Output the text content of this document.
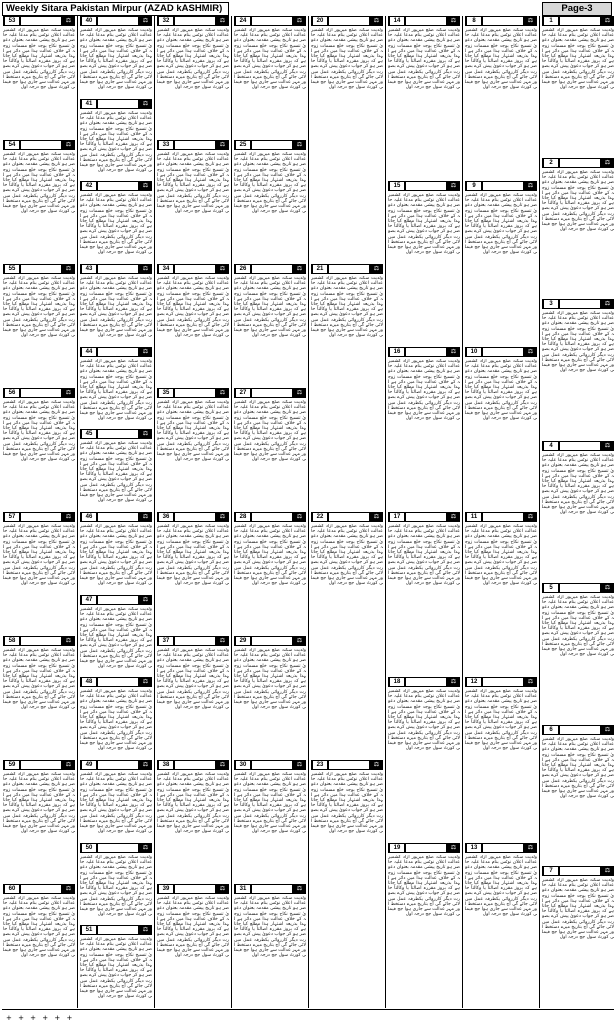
Weekly Sitara Pakistan Mirpur (AZAD kASHMIR)	Page-3
53	⚖
ولدیت سکنہ ضلع میرپور آزاد کشمیر عدالت اعلان نوٹس بنام مدعا علیہ حاضر ہو تاریخ پیشی مقدمہ بعنوان دعویٰ تنسیخ نکاح بوجہ خلع مسمات زوجہ کے خلاف عدالت ہذا میں دائر ہے لہذا بذریعہ اشتہار ہذا مطلع کیا جاتا ہے کہ بروز مقررہ اصالتاً یا وکالتاً حاضر ہو کر جواب دعویٰ پیش کرے بصورت دیگر کارروائی یکطرفہ عمل میں لائی جائے گی آج بتاریخ میرے دستخط اور مہر عدالت سے جاری ہوا جج فیملی کورٹ سول جج درجہ اول
54	⚖
ولدیت سکنہ ضلع میرپور آزاد کشمیر عدالت اعلان نوٹس بنام مدعا علیہ حاضر ہو تاریخ پیشی مقدمہ بعنوان دعویٰ تنسیخ نکاح بوجہ خلع مسمات زوجہ کے خلاف عدالت ہذا میں دائر ہے لہذا بذریعہ اشتہار ہذا مطلع کیا جاتا ہے کہ بروز مقررہ اصالتاً یا وکالتاً حاضر ہو کر جواب دعویٰ پیش کرے بصورت دیگر کارروائی یکطرفہ عمل میں لائی جائے گی آج بتاریخ میرے دستخط اور مہر عدالت سے جاری ہوا جج فیملی کورٹ سول جج درجہ اول
55	⚖
ولدیت سکنہ ضلع میرپور آزاد کشمیر عدالت اعلان نوٹس بنام مدعا علیہ حاضر ہو تاریخ پیشی مقدمہ بعنوان دعویٰ تنسیخ نکاح بوجہ خلع مسمات زوجہ کے خلاف عدالت ہذا میں دائر ہے لہذا بذریعہ اشتہار ہذا مطلع کیا جاتا ہے کہ بروز مقررہ اصالتاً یا وکالتاً حاضر ہو کر جواب دعویٰ پیش کرے بصورت دیگر کارروائی یکطرفہ عمل میں لائی جائے گی آج بتاریخ میرے دستخط اور مہر عدالت سے جاری ہوا جج فیملی کورٹ سول جج درجہ اول
56	⚖
ولدیت سکنہ ضلع میرپور آزاد کشمیر عدالت اعلان نوٹس بنام مدعا علیہ حاضر ہو تاریخ پیشی مقدمہ بعنوان دعویٰ تنسیخ نکاح بوجہ خلع مسمات زوجہ کے خلاف عدالت ہذا میں دائر ہے لہذا بذریعہ اشتہار ہذا مطلع کیا جاتا ہے کہ بروز مقررہ اصالتاً یا وکالتاً حاضر ہو کر جواب دعویٰ پیش کرے بصورت دیگر کارروائی یکطرفہ عمل میں لائی جائے گی آج بتاریخ میرے دستخط اور مہر عدالت سے جاری ہوا جج فیملی کورٹ سول جج درجہ اول
57	⚖
ولدیت سکنہ ضلع میرپور آزاد کشمیر عدالت اعلان نوٹس بنام مدعا علیہ حاضر ہو تاریخ پیشی مقدمہ بعنوان دعویٰ تنسیخ نکاح بوجہ خلع مسمات زوجہ کے خلاف عدالت ہذا میں دائر ہے لہذا بذریعہ اشتہار ہذا مطلع کیا جاتا ہے کہ بروز مقررہ اصالتاً یا وکالتاً حاضر ہو کر جواب دعویٰ پیش کرے بصورت دیگر کارروائی یکطرفہ عمل میں لائی جائے گی آج بتاریخ میرے دستخط اور مہر عدالت سے جاری ہوا جج فیملی کورٹ سول جج درجہ اول
58	⚖
ولدیت سکنہ ضلع میرپور آزاد کشمیر عدالت اعلان نوٹس بنام مدعا علیہ حاضر ہو تاریخ پیشی مقدمہ بعنوان دعویٰ تنسیخ نکاح بوجہ خلع مسمات زوجہ کے خلاف عدالت ہذا میں دائر ہے لہذا بذریعہ اشتہار ہذا مطلع کیا جاتا ہے کہ بروز مقررہ اصالتاً یا وکالتاً حاضر ہو کر جواب دعویٰ پیش کرے بصورت دیگر کارروائی یکطرفہ عمل میں لائی جائے گی آج بتاریخ میرے دستخط اور مہر عدالت سے جاری ہوا جج فیملی کورٹ سول جج درجہ اول
59	⚖
ولدیت سکنہ ضلع میرپور آزاد کشمیر عدالت اعلان نوٹس بنام مدعا علیہ حاضر ہو تاریخ پیشی مقدمہ بعنوان دعویٰ تنسیخ نکاح بوجہ خلع مسمات زوجہ کے خلاف عدالت ہذا میں دائر ہے لہذا بذریعہ اشتہار ہذا مطلع کیا جاتا ہے کہ بروز مقررہ اصالتاً یا وکالتاً حاضر ہو کر جواب دعویٰ پیش کرے بصورت دیگر کارروائی یکطرفہ عمل میں لائی جائے گی آج بتاریخ میرے دستخط اور مہر عدالت سے جاری ہوا جج فیملی کورٹ سول جج درجہ اول
60	⚖
ولدیت سکنہ ضلع میرپور آزاد کشمیر عدالت اعلان نوٹس بنام مدعا علیہ حاضر ہو تاریخ پیشی مقدمہ بعنوان دعویٰ تنسیخ نکاح بوجہ خلع مسمات زوجہ کے خلاف عدالت ہذا میں دائر ہے لہذا بذریعہ اشتہار ہذا مطلع کیا جاتا ہے کہ بروز مقررہ اصالتاً یا وکالتاً حاضر ہو کر جواب دعویٰ پیش کرے بصورت دیگر کارروائی یکطرفہ عمل میں لائی جائے گی آج بتاریخ میرے دستخط اور مہر عدالت سے جاری ہوا جج فیملی کورٹ سول جج درجہ اول
40	⚖
ولدیت سکنہ ضلع میرپور آزاد کشمیر عدالت اعلان نوٹس بنام مدعا علیہ حاضر ہو تاریخ پیشی مقدمہ بعنوان دعویٰ تنسیخ نکاح بوجہ خلع مسمات زوجہ کے خلاف عدالت ہذا میں دائر ہے لہذا بذریعہ اشتہار ہذا مطلع کیا جاتا ہے کہ بروز مقررہ اصالتاً یا وکالتاً حاضر ہو کر جواب دعویٰ پیش کرے بصورت دیگر کارروائی یکطرفہ عمل میں لائی جائے گی آج بتاریخ میرے دستخط اور مہر عدالت سے جاری ہوا جج فیملی کورٹ سول جج درجہ اول
41	⚖
ولدیت سکنہ ضلع میرپور آزاد کشمیر عدالت اعلان نوٹس بنام مدعا علیہ حاضر ہو تاریخ پیشی مقدمہ بعنوان دعویٰ تنسیخ نکاح بوجہ خلع مسمات زوجہ کے خلاف عدالت ہذا میں دائر ہے لہذا بذریعہ اشتہار ہذا مطلع کیا جاتا ہے کہ بروز مقررہ اصالتاً یا وکالتاً حاضر ہو کر جواب دعویٰ پیش کرے بصورت دیگر کارروائی یکطرفہ عمل میں لائی جائے گی آج بتاریخ میرے دستخط اور مہر عدالت سے جاری ہوا جج فیملی کورٹ سول جج درجہ اول
42	⚖
ولدیت سکنہ ضلع میرپور آزاد کشمیر عدالت اعلان نوٹس بنام مدعا علیہ حاضر ہو تاریخ پیشی مقدمہ بعنوان دعویٰ تنسیخ نکاح بوجہ خلع مسمات زوجہ کے خلاف عدالت ہذا میں دائر ہے لہذا بذریعہ اشتہار ہذا مطلع کیا جاتا ہے کہ بروز مقررہ اصالتاً یا وکالتاً حاضر ہو کر جواب دعویٰ پیش کرے بصورت دیگر کارروائی یکطرفہ عمل میں لائی جائے گی آج بتاریخ میرے دستخط اور مہر عدالت سے جاری ہوا جج فیملی کورٹ سول جج درجہ اول
43	⚖
ولدیت سکنہ ضلع میرپور آزاد کشمیر عدالت اعلان نوٹس بنام مدعا علیہ حاضر ہو تاریخ پیشی مقدمہ بعنوان دعویٰ تنسیخ نکاح بوجہ خلع مسمات زوجہ کے خلاف عدالت ہذا میں دائر ہے لہذا بذریعہ اشتہار ہذا مطلع کیا جاتا ہے کہ بروز مقررہ اصالتاً یا وکالتاً حاضر ہو کر جواب دعویٰ پیش کرے بصورت دیگر کارروائی یکطرفہ عمل میں لائی جائے گی آج بتاریخ میرے دستخط اور مہر عدالت سے جاری ہوا جج فیملی کورٹ سول جج درجہ اول
44	⚖
ولدیت سکنہ ضلع میرپور آزاد کشمیر عدالت اعلان نوٹس بنام مدعا علیہ حاضر ہو تاریخ پیشی مقدمہ بعنوان دعویٰ تنسیخ نکاح بوجہ خلع مسمات زوجہ کے خلاف عدالت ہذا میں دائر ہے لہذا بذریعہ اشتہار ہذا مطلع کیا جاتا ہے کہ بروز مقررہ اصالتاً یا وکالتاً حاضر ہو کر جواب دعویٰ پیش کرے بصورت دیگر کارروائی یکطرفہ عمل میں لائی جائے گی آج بتاریخ میرے دستخط اور مہر عدالت سے جاری ہوا جج فیملی کورٹ سول جج درجہ اول
45	⚖
ولدیت سکنہ ضلع میرپور آزاد کشمیر عدالت اعلان نوٹس بنام مدعا علیہ حاضر ہو تاریخ پیشی مقدمہ بعنوان دعویٰ تنسیخ نکاح بوجہ خلع مسمات زوجہ کے خلاف عدالت ہذا میں دائر ہے لہذا بذریعہ اشتہار ہذا مطلع کیا جاتا ہے کہ بروز مقررہ اصالتاً یا وکالتاً حاضر ہو کر جواب دعویٰ پیش کرے بصورت دیگر کارروائی یکطرفہ عمل میں لائی جائے گی آج بتاریخ میرے دستخط اور مہر عدالت سے جاری ہوا جج فیملی کورٹ سول جج درجہ اول
46	⚖
ولدیت سکنہ ضلع میرپور آزاد کشمیر عدالت اعلان نوٹس بنام مدعا علیہ حاضر ہو تاریخ پیشی مقدمہ بعنوان دعویٰ تنسیخ نکاح بوجہ خلع مسمات زوجہ کے خلاف عدالت ہذا میں دائر ہے لہذا بذریعہ اشتہار ہذا مطلع کیا جاتا ہے کہ بروز مقررہ اصالتاً یا وکالتاً حاضر ہو کر جواب دعویٰ پیش کرے بصورت دیگر کارروائی یکطرفہ عمل میں لائی جائے گی آج بتاریخ میرے دستخط اور مہر عدالت سے جاری ہوا جج فیملی کورٹ سول جج درجہ اول
47	⚖
ولدیت سکنہ ضلع میرپور آزاد کشمیر عدالت اعلان نوٹس بنام مدعا علیہ حاضر ہو تاریخ پیشی مقدمہ بعنوان دعویٰ تنسیخ نکاح بوجہ خلع مسمات زوجہ کے خلاف عدالت ہذا میں دائر ہے لہذا بذریعہ اشتہار ہذا مطلع کیا جاتا ہے کہ بروز مقررہ اصالتاً یا وکالتاً حاضر ہو کر جواب دعویٰ پیش کرے بصورت دیگر کارروائی یکطرفہ عمل میں لائی جائے گی آج بتاریخ میرے دستخط اور مہر عدالت سے جاری ہوا جج فیملی کورٹ سول جج درجہ اول
48	⚖
ولدیت سکنہ ضلع میرپور آزاد کشمیر عدالت اعلان نوٹس بنام مدعا علیہ حاضر ہو تاریخ پیشی مقدمہ بعنوان دعویٰ تنسیخ نکاح بوجہ خلع مسمات زوجہ کے خلاف عدالت ہذا میں دائر ہے لہذا بذریعہ اشتہار ہذا مطلع کیا جاتا ہے کہ بروز مقررہ اصالتاً یا وکالتاً حاضر ہو کر جواب دعویٰ پیش کرے بصورت دیگر کارروائی یکطرفہ عمل میں لائی جائے گی آج بتاریخ میرے دستخط اور مہر عدالت سے جاری ہوا جج فیملی کورٹ سول جج درجہ اول
49	⚖
ولدیت سکنہ ضلع میرپور آزاد کشمیر عدالت اعلان نوٹس بنام مدعا علیہ حاضر ہو تاریخ پیشی مقدمہ بعنوان دعویٰ تنسیخ نکاح بوجہ خلع مسمات زوجہ کے خلاف عدالت ہذا میں دائر ہے لہذا بذریعہ اشتہار ہذا مطلع کیا جاتا ہے کہ بروز مقررہ اصالتاً یا وکالتاً حاضر ہو کر جواب دعویٰ پیش کرے بصورت دیگر کارروائی یکطرفہ عمل میں لائی جائے گی آج بتاریخ میرے دستخط اور مہر عدالت سے جاری ہوا جج فیملی کورٹ سول جج درجہ اول
50	⚖
ولدیت سکنہ ضلع میرپور آزاد کشمیر عدالت اعلان نوٹس بنام مدعا علیہ حاضر ہو تاریخ پیشی مقدمہ بعنوان دعویٰ تنسیخ نکاح بوجہ خلع مسمات زوجہ کے خلاف عدالت ہذا میں دائر ہے لہذا بذریعہ اشتہار ہذا مطلع کیا جاتا ہے کہ بروز مقررہ اصالتاً یا وکالتاً حاضر ہو کر جواب دعویٰ پیش کرے بصورت دیگر کارروائی یکطرفہ عمل میں لائی جائے گی آج بتاریخ میرے دستخط اور مہر عدالت سے جاری ہوا جج فیملی کورٹ سول جج درجہ اول
51	⚖
ولدیت سکنہ ضلع میرپور آزاد کشمیر عدالت اعلان نوٹس بنام مدعا علیہ حاضر ہو تاریخ پیشی مقدمہ بعنوان دعویٰ تنسیخ نکاح بوجہ خلع مسمات زوجہ کے خلاف عدالت ہذا میں دائر ہے لہذا بذریعہ اشتہار ہذا مطلع کیا جاتا ہے کہ بروز مقررہ اصالتاً یا وکالتاً حاضر ہو کر جواب دعویٰ پیش کرے بصورت دیگر کارروائی یکطرفہ عمل میں لائی جائے گی آج بتاریخ میرے دستخط اور مہر عدالت سے جاری ہوا جج فیملی کورٹ سول جج درجہ اول
32	⚖
ولدیت سکنہ ضلع میرپور آزاد کشمیر عدالت اعلان نوٹس بنام مدعا علیہ حاضر ہو تاریخ پیشی مقدمہ بعنوان دعویٰ تنسیخ نکاح بوجہ خلع مسمات زوجہ کے خلاف عدالت ہذا میں دائر ہے لہذا بذریعہ اشتہار ہذا مطلع کیا جاتا ہے کہ بروز مقررہ اصالتاً یا وکالتاً حاضر ہو کر جواب دعویٰ پیش کرے بصورت دیگر کارروائی یکطرفہ عمل میں لائی جائے گی آج بتاریخ میرے دستخط اور مہر عدالت سے جاری ہوا جج فیملی کورٹ سول جج درجہ اول
33	⚖
ولدیت سکنہ ضلع میرپور آزاد کشمیر عدالت اعلان نوٹس بنام مدعا علیہ حاضر ہو تاریخ پیشی مقدمہ بعنوان دعویٰ تنسیخ نکاح بوجہ خلع مسمات زوجہ کے خلاف عدالت ہذا میں دائر ہے لہذا بذریعہ اشتہار ہذا مطلع کیا جاتا ہے کہ بروز مقررہ اصالتاً یا وکالتاً حاضر ہو کر جواب دعویٰ پیش کرے بصورت دیگر کارروائی یکطرفہ عمل میں لائی جائے گی آج بتاریخ میرے دستخط اور مہر عدالت سے جاری ہوا جج فیملی کورٹ سول جج درجہ اول
34	⚖
ولدیت سکنہ ضلع میرپور آزاد کشمیر عدالت اعلان نوٹس بنام مدعا علیہ حاضر ہو تاریخ پیشی مقدمہ بعنوان دعویٰ تنسیخ نکاح بوجہ خلع مسمات زوجہ کے خلاف عدالت ہذا میں دائر ہے لہذا بذریعہ اشتہار ہذا مطلع کیا جاتا ہے کہ بروز مقررہ اصالتاً یا وکالتاً حاضر ہو کر جواب دعویٰ پیش کرے بصورت دیگر کارروائی یکطرفہ عمل میں لائی جائے گی آج بتاریخ میرے دستخط اور مہر عدالت سے جاری ہوا جج فیملی کورٹ سول جج درجہ اول
35	⚖
ولدیت سکنہ ضلع میرپور آزاد کشمیر عدالت اعلان نوٹس بنام مدعا علیہ حاضر ہو تاریخ پیشی مقدمہ بعنوان دعویٰ تنسیخ نکاح بوجہ خلع مسمات زوجہ کے خلاف عدالت ہذا میں دائر ہے لہذا بذریعہ اشتہار ہذا مطلع کیا جاتا ہے کہ بروز مقررہ اصالتاً یا وکالتاً حاضر ہو کر جواب دعویٰ پیش کرے بصورت دیگر کارروائی یکطرفہ عمل میں لائی جائے گی آج بتاریخ میرے دستخط اور مہر عدالت سے جاری ہوا جج فیملی کورٹ سول جج درجہ اول
36	⚖
ولدیت سکنہ ضلع میرپور آزاد کشمیر عدالت اعلان نوٹس بنام مدعا علیہ حاضر ہو تاریخ پیشی مقدمہ بعنوان دعویٰ تنسیخ نکاح بوجہ خلع مسمات زوجہ کے خلاف عدالت ہذا میں دائر ہے لہذا بذریعہ اشتہار ہذا مطلع کیا جاتا ہے کہ بروز مقررہ اصالتاً یا وکالتاً حاضر ہو کر جواب دعویٰ پیش کرے بصورت دیگر کارروائی یکطرفہ عمل میں لائی جائے گی آج بتاریخ میرے دستخط اور مہر عدالت سے جاری ہوا جج فیملی کورٹ سول جج درجہ اول
37	⚖
ولدیت سکنہ ضلع میرپور آزاد کشمیر عدالت اعلان نوٹس بنام مدعا علیہ حاضر ہو تاریخ پیشی مقدمہ بعنوان دعویٰ تنسیخ نکاح بوجہ خلع مسمات زوجہ کے خلاف عدالت ہذا میں دائر ہے لہذا بذریعہ اشتہار ہذا مطلع کیا جاتا ہے کہ بروز مقررہ اصالتاً یا وکالتاً حاضر ہو کر جواب دعویٰ پیش کرے بصورت دیگر کارروائی یکطرفہ عمل میں لائی جائے گی آج بتاریخ میرے دستخط اور مہر عدالت سے جاری ہوا جج فیملی کورٹ سول جج درجہ اول
38	⚖
ولدیت سکنہ ضلع میرپور آزاد کشمیر عدالت اعلان نوٹس بنام مدعا علیہ حاضر ہو تاریخ پیشی مقدمہ بعنوان دعویٰ تنسیخ نکاح بوجہ خلع مسمات زوجہ کے خلاف عدالت ہذا میں دائر ہے لہذا بذریعہ اشتہار ہذا مطلع کیا جاتا ہے کہ بروز مقررہ اصالتاً یا وکالتاً حاضر ہو کر جواب دعویٰ پیش کرے بصورت دیگر کارروائی یکطرفہ عمل میں لائی جائے گی آج بتاریخ میرے دستخط اور مہر عدالت سے جاری ہوا جج فیملی کورٹ سول جج درجہ اول
39	⚖
ولدیت سکنہ ضلع میرپور آزاد کشمیر عدالت اعلان نوٹس بنام مدعا علیہ حاضر ہو تاریخ پیشی مقدمہ بعنوان دعویٰ تنسیخ نکاح بوجہ خلع مسمات زوجہ کے خلاف عدالت ہذا میں دائر ہے لہذا بذریعہ اشتہار ہذا مطلع کیا جاتا ہے کہ بروز مقررہ اصالتاً یا وکالتاً حاضر ہو کر جواب دعویٰ پیش کرے بصورت دیگر کارروائی یکطرفہ عمل میں لائی جائے گی آج بتاریخ میرے دستخط اور مہر عدالت سے جاری ہوا جج فیملی کورٹ سول جج درجہ اول
24	⚖
ولدیت سکنہ ضلع میرپور آزاد کشمیر عدالت اعلان نوٹس بنام مدعا علیہ حاضر ہو تاریخ پیشی مقدمہ بعنوان دعویٰ تنسیخ نکاح بوجہ خلع مسمات زوجہ کے خلاف عدالت ہذا میں دائر ہے لہذا بذریعہ اشتہار ہذا مطلع کیا جاتا ہے کہ بروز مقررہ اصالتاً یا وکالتاً حاضر ہو کر جواب دعویٰ پیش کرے بصورت دیگر کارروائی یکطرفہ عمل میں لائی جائے گی آج بتاریخ میرے دستخط اور مہر عدالت سے جاری ہوا جج فیملی کورٹ سول جج درجہ اول
25	⚖
ولدیت سکنہ ضلع میرپور آزاد کشمیر عدالت اعلان نوٹس بنام مدعا علیہ حاضر ہو تاریخ پیشی مقدمہ بعنوان دعویٰ تنسیخ نکاح بوجہ خلع مسمات زوجہ کے خلاف عدالت ہذا میں دائر ہے لہذا بذریعہ اشتہار ہذا مطلع کیا جاتا ہے کہ بروز مقررہ اصالتاً یا وکالتاً حاضر ہو کر جواب دعویٰ پیش کرے بصورت دیگر کارروائی یکطرفہ عمل میں لائی جائے گی آج بتاریخ میرے دستخط اور مہر عدالت سے جاری ہوا جج فیملی کورٹ سول جج درجہ اول
26	⚖
ولدیت سکنہ ضلع میرپور آزاد کشمیر عدالت اعلان نوٹس بنام مدعا علیہ حاضر ہو تاریخ پیشی مقدمہ بعنوان دعویٰ تنسیخ نکاح بوجہ خلع مسمات زوجہ کے خلاف عدالت ہذا میں دائر ہے لہذا بذریعہ اشتہار ہذا مطلع کیا جاتا ہے کہ بروز مقررہ اصالتاً یا وکالتاً حاضر ہو کر جواب دعویٰ پیش کرے بصورت دیگر کارروائی یکطرفہ عمل میں لائی جائے گی آج بتاریخ میرے دستخط اور مہر عدالت سے جاری ہوا جج فیملی کورٹ سول جج درجہ اول
27	⚖
ولدیت سکنہ ضلع میرپور آزاد کشمیر عدالت اعلان نوٹس بنام مدعا علیہ حاضر ہو تاریخ پیشی مقدمہ بعنوان دعویٰ تنسیخ نکاح بوجہ خلع مسمات زوجہ کے خلاف عدالت ہذا میں دائر ہے لہذا بذریعہ اشتہار ہذا مطلع کیا جاتا ہے کہ بروز مقررہ اصالتاً یا وکالتاً حاضر ہو کر جواب دعویٰ پیش کرے بصورت دیگر کارروائی یکطرفہ عمل میں لائی جائے گی آج بتاریخ میرے دستخط اور مہر عدالت سے جاری ہوا جج فیملی کورٹ سول جج درجہ اول
28	⚖
ولدیت سکنہ ضلع میرپور آزاد کشمیر عدالت اعلان نوٹس بنام مدعا علیہ حاضر ہو تاریخ پیشی مقدمہ بعنوان دعویٰ تنسیخ نکاح بوجہ خلع مسمات زوجہ کے خلاف عدالت ہذا میں دائر ہے لہذا بذریعہ اشتہار ہذا مطلع کیا جاتا ہے کہ بروز مقررہ اصالتاً یا وکالتاً حاضر ہو کر جواب دعویٰ پیش کرے بصورت دیگر کارروائی یکطرفہ عمل میں لائی جائے گی آج بتاریخ میرے دستخط اور مہر عدالت سے جاری ہوا جج فیملی کورٹ سول جج درجہ اول
29	⚖
ولدیت سکنہ ضلع میرپور آزاد کشمیر عدالت اعلان نوٹس بنام مدعا علیہ حاضر ہو تاریخ پیشی مقدمہ بعنوان دعویٰ تنسیخ نکاح بوجہ خلع مسمات زوجہ کے خلاف عدالت ہذا میں دائر ہے لہذا بذریعہ اشتہار ہذا مطلع کیا جاتا ہے کہ بروز مقررہ اصالتاً یا وکالتاً حاضر ہو کر جواب دعویٰ پیش کرے بصورت دیگر کارروائی یکطرفہ عمل میں لائی جائے گی آج بتاریخ میرے دستخط اور مہر عدالت سے جاری ہوا جج فیملی کورٹ سول جج درجہ اول
30	⚖
ولدیت سکنہ ضلع میرپور آزاد کشمیر عدالت اعلان نوٹس بنام مدعا علیہ حاضر ہو تاریخ پیشی مقدمہ بعنوان دعویٰ تنسیخ نکاح بوجہ خلع مسمات زوجہ کے خلاف عدالت ہذا میں دائر ہے لہذا بذریعہ اشتہار ہذا مطلع کیا جاتا ہے کہ بروز مقررہ اصالتاً یا وکالتاً حاضر ہو کر جواب دعویٰ پیش کرے بصورت دیگر کارروائی یکطرفہ عمل میں لائی جائے گی آج بتاریخ میرے دستخط اور مہر عدالت سے جاری ہوا جج فیملی کورٹ سول جج درجہ اول
31	⚖
ولدیت سکنہ ضلع میرپور آزاد کشمیر عدالت اعلان نوٹس بنام مدعا علیہ حاضر ہو تاریخ پیشی مقدمہ بعنوان دعویٰ تنسیخ نکاح بوجہ خلع مسمات زوجہ کے خلاف عدالت ہذا میں دائر ہے لہذا بذریعہ اشتہار ہذا مطلع کیا جاتا ہے کہ بروز مقررہ اصالتاً یا وکالتاً حاضر ہو کر جواب دعویٰ پیش کرے بصورت دیگر کارروائی یکطرفہ عمل میں لائی جائے گی آج بتاریخ میرے دستخط اور مہر عدالت سے جاری ہوا جج فیملی کورٹ سول جج درجہ اول
20	⚖
ولدیت سکنہ ضلع میرپور آزاد کشمیر عدالت اعلان نوٹس بنام مدعا علیہ حاضر ہو تاریخ پیشی مقدمہ بعنوان دعویٰ تنسیخ نکاح بوجہ خلع مسمات زوجہ کے خلاف عدالت ہذا میں دائر ہے لہذا بذریعہ اشتہار ہذا مطلع کیا جاتا ہے کہ بروز مقررہ اصالتاً یا وکالتاً حاضر ہو کر جواب دعویٰ پیش کرے بصورت دیگر کارروائی یکطرفہ عمل میں لائی جائے گی آج بتاریخ میرے دستخط اور مہر عدالت سے جاری ہوا جج فیملی کورٹ سول جج درجہ اول
21	⚖
ولدیت سکنہ ضلع میرپور آزاد کشمیر عدالت اعلان نوٹس بنام مدعا علیہ حاضر ہو تاریخ پیشی مقدمہ بعنوان دعویٰ تنسیخ نکاح بوجہ خلع مسمات زوجہ کے خلاف عدالت ہذا میں دائر ہے لہذا بذریعہ اشتہار ہذا مطلع کیا جاتا ہے کہ بروز مقررہ اصالتاً یا وکالتاً حاضر ہو کر جواب دعویٰ پیش کرے بصورت دیگر کارروائی یکطرفہ عمل میں لائی جائے گی آج بتاریخ میرے دستخط اور مہر عدالت سے جاری ہوا جج فیملی کورٹ سول جج درجہ اول
22	⚖
ولدیت سکنہ ضلع میرپور آزاد کشمیر عدالت اعلان نوٹس بنام مدعا علیہ حاضر ہو تاریخ پیشی مقدمہ بعنوان دعویٰ تنسیخ نکاح بوجہ خلع مسمات زوجہ کے خلاف عدالت ہذا میں دائر ہے لہذا بذریعہ اشتہار ہذا مطلع کیا جاتا ہے کہ بروز مقررہ اصالتاً یا وکالتاً حاضر ہو کر جواب دعویٰ پیش کرے بصورت دیگر کارروائی یکطرفہ عمل میں لائی جائے گی آج بتاریخ میرے دستخط اور مہر عدالت سے جاری ہوا جج فیملی کورٹ سول جج درجہ اول
23	⚖
ولدیت سکنہ ضلع میرپور آزاد کشمیر عدالت اعلان نوٹس بنام مدعا علیہ حاضر ہو تاریخ پیشی مقدمہ بعنوان دعویٰ تنسیخ نکاح بوجہ خلع مسمات زوجہ کے خلاف عدالت ہذا میں دائر ہے لہذا بذریعہ اشتہار ہذا مطلع کیا جاتا ہے کہ بروز مقررہ اصالتاً یا وکالتاً حاضر ہو کر جواب دعویٰ پیش کرے بصورت دیگر کارروائی یکطرفہ عمل میں لائی جائے گی آج بتاریخ میرے دستخط اور مہر عدالت سے جاری ہوا جج فیملی کورٹ سول جج درجہ اول
14	⚖
ولدیت سکنہ ضلع میرپور آزاد کشمیر عدالت اعلان نوٹس بنام مدعا علیہ حاضر ہو تاریخ پیشی مقدمہ بعنوان دعویٰ تنسیخ نکاح بوجہ خلع مسمات زوجہ کے خلاف عدالت ہذا میں دائر ہے لہذا بذریعہ اشتہار ہذا مطلع کیا جاتا ہے کہ بروز مقررہ اصالتاً یا وکالتاً حاضر ہو کر جواب دعویٰ پیش کرے بصورت دیگر کارروائی یکطرفہ عمل میں لائی جائے گی آج بتاریخ میرے دستخط اور مہر عدالت سے جاری ہوا جج فیملی کورٹ سول جج درجہ اول
15	⚖
ولدیت سکنہ ضلع میرپور آزاد کشمیر عدالت اعلان نوٹس بنام مدعا علیہ حاضر ہو تاریخ پیشی مقدمہ بعنوان دعویٰ تنسیخ نکاح بوجہ خلع مسمات زوجہ کے خلاف عدالت ہذا میں دائر ہے لہذا بذریعہ اشتہار ہذا مطلع کیا جاتا ہے کہ بروز مقررہ اصالتاً یا وکالتاً حاضر ہو کر جواب دعویٰ پیش کرے بصورت دیگر کارروائی یکطرفہ عمل میں لائی جائے گی آج بتاریخ میرے دستخط اور مہر عدالت سے جاری ہوا جج فیملی کورٹ سول جج درجہ اول
16	⚖
ولدیت سکنہ ضلع میرپور آزاد کشمیر عدالت اعلان نوٹس بنام مدعا علیہ حاضر ہو تاریخ پیشی مقدمہ بعنوان دعویٰ تنسیخ نکاح بوجہ خلع مسمات زوجہ کے خلاف عدالت ہذا میں دائر ہے لہذا بذریعہ اشتہار ہذا مطلع کیا جاتا ہے کہ بروز مقررہ اصالتاً یا وکالتاً حاضر ہو کر جواب دعویٰ پیش کرے بصورت دیگر کارروائی یکطرفہ عمل میں لائی جائے گی آج بتاریخ میرے دستخط اور مہر عدالت سے جاری ہوا جج فیملی کورٹ سول جج درجہ اول
17	⚖
ولدیت سکنہ ضلع میرپور آزاد کشمیر عدالت اعلان نوٹس بنام مدعا علیہ حاضر ہو تاریخ پیشی مقدمہ بعنوان دعویٰ تنسیخ نکاح بوجہ خلع مسمات زوجہ کے خلاف عدالت ہذا میں دائر ہے لہذا بذریعہ اشتہار ہذا مطلع کیا جاتا ہے کہ بروز مقررہ اصالتاً یا وکالتاً حاضر ہو کر جواب دعویٰ پیش کرے بصورت دیگر کارروائی یکطرفہ عمل میں لائی جائے گی آج بتاریخ میرے دستخط اور مہر عدالت سے جاری ہوا جج فیملی کورٹ سول جج درجہ اول
18	⚖
ولدیت سکنہ ضلع میرپور آزاد کشمیر عدالت اعلان نوٹس بنام مدعا علیہ حاضر ہو تاریخ پیشی مقدمہ بعنوان دعویٰ تنسیخ نکاح بوجہ خلع مسمات زوجہ کے خلاف عدالت ہذا میں دائر ہے لہذا بذریعہ اشتہار ہذا مطلع کیا جاتا ہے کہ بروز مقررہ اصالتاً یا وکالتاً حاضر ہو کر جواب دعویٰ پیش کرے بصورت دیگر کارروائی یکطرفہ عمل میں لائی جائے گی آج بتاریخ میرے دستخط اور مہر عدالت سے جاری ہوا جج فیملی کورٹ سول جج درجہ اول
19	⚖
ولدیت سکنہ ضلع میرپور آزاد کشمیر عدالت اعلان نوٹس بنام مدعا علیہ حاضر ہو تاریخ پیشی مقدمہ بعنوان دعویٰ تنسیخ نکاح بوجہ خلع مسمات زوجہ کے خلاف عدالت ہذا میں دائر ہے لہذا بذریعہ اشتہار ہذا مطلع کیا جاتا ہے کہ بروز مقررہ اصالتاً یا وکالتاً حاضر ہو کر جواب دعویٰ پیش کرے بصورت دیگر کارروائی یکطرفہ عمل میں لائی جائے گی آج بتاریخ میرے دستخط اور مہر عدالت سے جاری ہوا جج فیملی کورٹ سول جج درجہ اول
8	⚖
ولدیت سکنہ ضلع میرپور آزاد کشمیر عدالت اعلان نوٹس بنام مدعا علیہ حاضر ہو تاریخ پیشی مقدمہ بعنوان دعویٰ تنسیخ نکاح بوجہ خلع مسمات زوجہ کے خلاف عدالت ہذا میں دائر ہے لہذا بذریعہ اشتہار ہذا مطلع کیا جاتا ہے کہ بروز مقررہ اصالتاً یا وکالتاً حاضر ہو کر جواب دعویٰ پیش کرے بصورت دیگر کارروائی یکطرفہ عمل میں لائی جائے گی آج بتاریخ میرے دستخط اور مہر عدالت سے جاری ہوا جج فیملی کورٹ سول جج درجہ اول
9	⚖
ولدیت سکنہ ضلع میرپور آزاد کشمیر عدالت اعلان نوٹس بنام مدعا علیہ حاضر ہو تاریخ پیشی مقدمہ بعنوان دعویٰ تنسیخ نکاح بوجہ خلع مسمات زوجہ کے خلاف عدالت ہذا میں دائر ہے لہذا بذریعہ اشتہار ہذا مطلع کیا جاتا ہے کہ بروز مقررہ اصالتاً یا وکالتاً حاضر ہو کر جواب دعویٰ پیش کرے بصورت دیگر کارروائی یکطرفہ عمل میں لائی جائے گی آج بتاریخ میرے دستخط اور مہر عدالت سے جاری ہوا جج فیملی کورٹ سول جج درجہ اول
10	⚖
ولدیت سکنہ ضلع میرپور آزاد کشمیر عدالت اعلان نوٹس بنام مدعا علیہ حاضر ہو تاریخ پیشی مقدمہ بعنوان دعویٰ تنسیخ نکاح بوجہ خلع مسمات زوجہ کے خلاف عدالت ہذا میں دائر ہے لہذا بذریعہ اشتہار ہذا مطلع کیا جاتا ہے کہ بروز مقررہ اصالتاً یا وکالتاً حاضر ہو کر جواب دعویٰ پیش کرے بصورت دیگر کارروائی یکطرفہ عمل میں لائی جائے گی آج بتاریخ میرے دستخط اور مہر عدالت سے جاری ہوا جج فیملی کورٹ سول جج درجہ اول
11	⚖
ولدیت سکنہ ضلع میرپور آزاد کشمیر عدالت اعلان نوٹس بنام مدعا علیہ حاضر ہو تاریخ پیشی مقدمہ بعنوان دعویٰ تنسیخ نکاح بوجہ خلع مسمات زوجہ کے خلاف عدالت ہذا میں دائر ہے لہذا بذریعہ اشتہار ہذا مطلع کیا جاتا ہے کہ بروز مقررہ اصالتاً یا وکالتاً حاضر ہو کر جواب دعویٰ پیش کرے بصورت دیگر کارروائی یکطرفہ عمل میں لائی جائے گی آج بتاریخ میرے دستخط اور مہر عدالت سے جاری ہوا جج فیملی کورٹ سول جج درجہ اول
12	⚖
ولدیت سکنہ ضلع میرپور آزاد کشمیر عدالت اعلان نوٹس بنام مدعا علیہ حاضر ہو تاریخ پیشی مقدمہ بعنوان دعویٰ تنسیخ نکاح بوجہ خلع مسمات زوجہ کے خلاف عدالت ہذا میں دائر ہے لہذا بذریعہ اشتہار ہذا مطلع کیا جاتا ہے کہ بروز مقررہ اصالتاً یا وکالتاً حاضر ہو کر جواب دعویٰ پیش کرے بصورت دیگر کارروائی یکطرفہ عمل میں لائی جائے گی آج بتاریخ میرے دستخط اور مہر عدالت سے جاری ہوا جج فیملی کورٹ سول جج درجہ اول
13	⚖
ولدیت سکنہ ضلع میرپور آزاد کشمیر عدالت اعلان نوٹس بنام مدعا علیہ حاضر ہو تاریخ پیشی مقدمہ بعنوان دعویٰ تنسیخ نکاح بوجہ خلع مسمات زوجہ کے خلاف عدالت ہذا میں دائر ہے لہذا بذریعہ اشتہار ہذا مطلع کیا جاتا ہے کہ بروز مقررہ اصالتاً یا وکالتاً حاضر ہو کر جواب دعویٰ پیش کرے بصورت دیگر کارروائی یکطرفہ عمل میں لائی جائے گی آج بتاریخ میرے دستخط اور مہر عدالت سے جاری ہوا جج فیملی کورٹ سول جج درجہ اول
1	⚖
ولدیت سکنہ ضلع میرپور آزاد کشمیر عدالت اعلان نوٹس بنام مدعا علیہ حاضر ہو تاریخ پیشی مقدمہ بعنوان دعویٰ تنسیخ نکاح بوجہ خلع مسمات زوجہ کے خلاف عدالت ہذا میں دائر ہے لہذا بذریعہ اشتہار ہذا مطلع کیا جاتا ہے کہ بروز مقررہ اصالتاً یا وکالتاً حاضر ہو کر جواب دعویٰ پیش کرے بصورت دیگر کارروائی یکطرفہ عمل میں لائی جائے گی آج بتاریخ میرے دستخط اور مہر عدالت سے جاری ہوا جج فیملی کورٹ سول جج درجہ اول
2	⚖
ولدیت سکنہ ضلع میرپور آزاد کشمیر عدالت اعلان نوٹس بنام مدعا علیہ حاضر ہو تاریخ پیشی مقدمہ بعنوان دعویٰ تنسیخ نکاح بوجہ خلع مسمات زوجہ کے خلاف عدالت ہذا میں دائر ہے لہذا بذریعہ اشتہار ہذا مطلع کیا جاتا ہے کہ بروز مقررہ اصالتاً یا وکالتاً حاضر ہو کر جواب دعویٰ پیش کرے بصورت دیگر کارروائی یکطرفہ عمل میں لائی جائے گی آج بتاریخ میرے دستخط اور مہر عدالت سے جاری ہوا جج فیملی کورٹ سول جج درجہ اول
3	⚖
ولدیت سکنہ ضلع میرپور آزاد کشمیر عدالت اعلان نوٹس بنام مدعا علیہ حاضر ہو تاریخ پیشی مقدمہ بعنوان دعویٰ تنسیخ نکاح بوجہ خلع مسمات زوجہ کے خلاف عدالت ہذا میں دائر ہے لہذا بذریعہ اشتہار ہذا مطلع کیا جاتا ہے کہ بروز مقررہ اصالتاً یا وکالتاً حاضر ہو کر جواب دعویٰ پیش کرے بصورت دیگر کارروائی یکطرفہ عمل میں لائی جائے گی آج بتاریخ میرے دستخط اور مہر عدالت سے جاری ہوا جج فیملی کورٹ سول جج درجہ اول
4	⚖
ولدیت سکنہ ضلع میرپور آزاد کشمیر عدالت اعلان نوٹس بنام مدعا علیہ حاضر ہو تاریخ پیشی مقدمہ بعنوان دعویٰ تنسیخ نکاح بوجہ خلع مسمات زوجہ کے خلاف عدالت ہذا میں دائر ہے لہذا بذریعہ اشتہار ہذا مطلع کیا جاتا ہے کہ بروز مقررہ اصالتاً یا وکالتاً حاضر ہو کر جواب دعویٰ پیش کرے بصورت دیگر کارروائی یکطرفہ عمل میں لائی جائے گی آج بتاریخ میرے دستخط اور مہر عدالت سے جاری ہوا جج فیملی کورٹ سول جج درجہ اول
5	⚖
ولدیت سکنہ ضلع میرپور آزاد کشمیر عدالت اعلان نوٹس بنام مدعا علیہ حاضر ہو تاریخ پیشی مقدمہ بعنوان دعویٰ تنسیخ نکاح بوجہ خلع مسمات زوجہ کے خلاف عدالت ہذا میں دائر ہے لہذا بذریعہ اشتہار ہذا مطلع کیا جاتا ہے کہ بروز مقررہ اصالتاً یا وکالتاً حاضر ہو کر جواب دعویٰ پیش کرے بصورت دیگر کارروائی یکطرفہ عمل میں لائی جائے گی آج بتاریخ میرے دستخط اور مہر عدالت سے جاری ہوا جج فیملی کورٹ سول جج درجہ اول
6	⚖
ولدیت سکنہ ضلع میرپور آزاد کشمیر عدالت اعلان نوٹس بنام مدعا علیہ حاضر ہو تاریخ پیشی مقدمہ بعنوان دعویٰ تنسیخ نکاح بوجہ خلع مسمات زوجہ کے خلاف عدالت ہذا میں دائر ہے لہذا بذریعہ اشتہار ہذا مطلع کیا جاتا ہے کہ بروز مقررہ اصالتاً یا وکالتاً حاضر ہو کر جواب دعویٰ پیش کرے بصورت دیگر کارروائی یکطرفہ عمل میں لائی جائے گی آج بتاریخ میرے دستخط اور مہر عدالت سے جاری ہوا جج فیملی کورٹ سول جج درجہ اول
7	⚖
ولدیت سکنہ ضلع میرپور آزاد کشمیر عدالت اعلان نوٹس بنام مدعا علیہ حاضر ہو تاریخ پیشی مقدمہ بعنوان دعویٰ تنسیخ نکاح بوجہ خلع مسمات زوجہ کے خلاف عدالت ہذا میں دائر ہے لہذا بذریعہ اشتہار ہذا مطلع کیا جاتا ہے کہ بروز مقررہ اصالتاً یا وکالتاً حاضر ہو کر جواب دعویٰ پیش کرے بصورت دیگر کارروائی یکطرفہ عمل میں لائی جائے گی آج بتاریخ میرے دستخط اور مہر عدالت سے جاری ہوا جج فیملی کورٹ سول جج درجہ اول
+ + + + + +
